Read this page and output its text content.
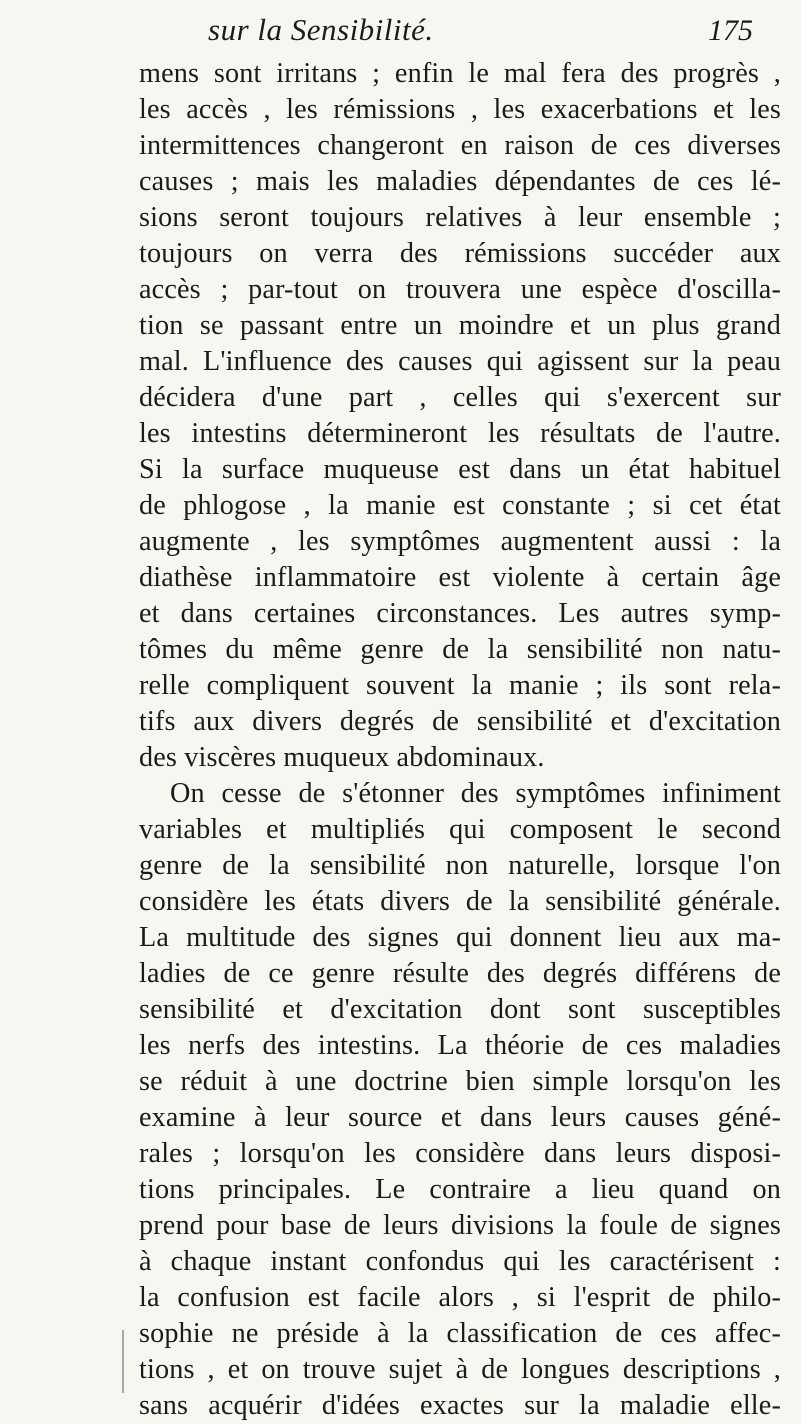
sur la Sensibilité.	175
mens sont irritans ; enfin le mal fera des progrès ,
les accès , les rémissions , les exacerbations et les
intermittences changeront en raison de ces diverses
causes ; mais les maladies dépendantes de ces lé-
sions seront toujours relatives à leur ensemble ;
toujours on verra des rémissions succéder aux
accès ; par-tout on trouvera une espèce d'oscilla-
tion se passant entre un moindre et un plus grand
mal. L'influence des causes qui agissent sur la peau
décidera d'une part , celles qui s'exercent sur
les intestins détermineront les résultats de l'autre.
Si la surface muqueuse est dans un état habituel
de phlogose , la manie est constante ; si cet état
augmente , les symptômes augmentent aussi : la
diathèse inflammatoire est violente à certain âge
et dans certaines circonstances. Les autres symp-
tômes du même genre de la sensibilité non natu-
relle compliquent souvent la manie ; ils sont rela-
tifs aux divers degrés de sensibilité et d'excitation
des viscères muqueux abdominaux.
On cesse de s'étonner des symptômes infiniment
variables et multipliés qui composent le second
genre de la sensibilité non naturelle, lorsque l'on
considère les états divers de la sensibilité générale.
La multitude des signes qui donnent lieu aux ma-
ladies de ce genre résulte des degrés différens de
sensibilité et d'excitation dont sont susceptibles
les nerfs des intestins. La théorie de ces maladies
se réduit à une doctrine bien simple lorsqu'on les
examine à leur source et dans leurs causes géné-
rales ; lorsqu'on les considère dans leurs disposi-
tions principales. Le contraire a lieu quand on
prend pour base de leurs divisions la foule de signes
à chaque instant confondus qui les caractérisent :
la confusion est facile alors , si l'esprit de philo-
sophie ne préside à la classification de ces affec-
tions , et on trouve sujet à de longues descriptions ,
sans acquérir d'idées exactes sur la maladie elle-
